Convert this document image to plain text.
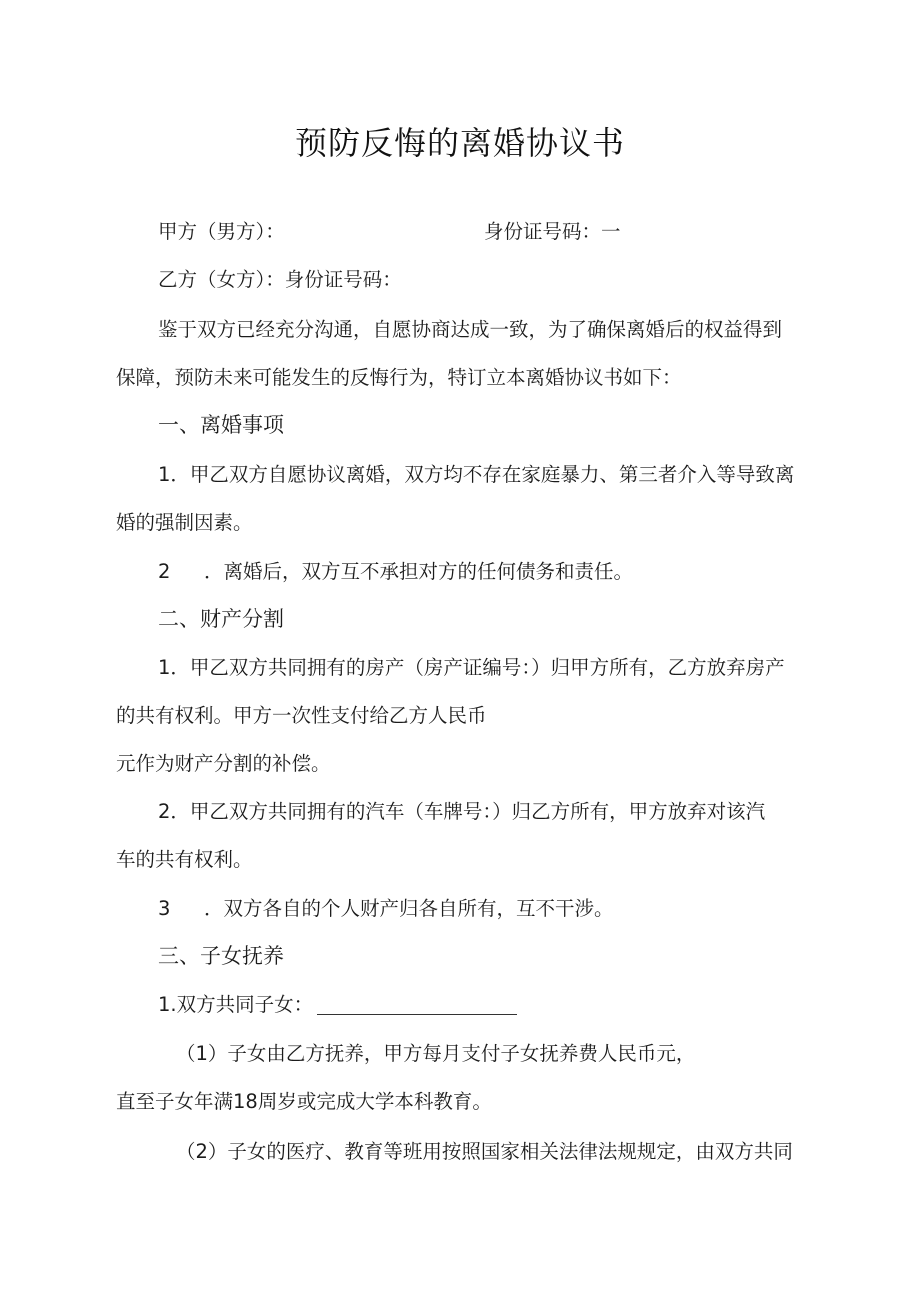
预防反悔的离婚协议书
甲方（男方）：	身份证号码：一
乙方（女方）：身份证号码：
鉴于双方已经充分沟通，自愿协商达成一致，为了确保离婚后的权益得到
保障，预防未来可能发生的反悔行为，特订立本离婚协议书如下：
一、离婚事项
1．甲乙双方自愿协议离婚，双方均不存在家庭暴力、第三者介入等导致离
婚的强制因素。
2 ．离婚后，双方互不承担对方的任何债务和责任。
二、财产分割
1．甲乙双方共同拥有的房产（房产证编号：）归甲方所有，乙方放弃房产
的共有权利。甲方一次性支付给乙方人民币
元作为财产分割的补偿。
2．甲乙双方共同拥有的汽车（车牌号：）归乙方所有，甲方放弃对该汽
车的共有权利。
3 ．双方各自的个人财产归各自所有，互不干涉。
三、子女抚养
1.双方共同子女：
（1）子女由乙方抚养，甲方每月支付子女抚养费人民币元，
直至子女年满18周岁或完成大学本科教育。
（2）子女的医疗、教育等班用按照国家相关法律法规规定，由双方共同
